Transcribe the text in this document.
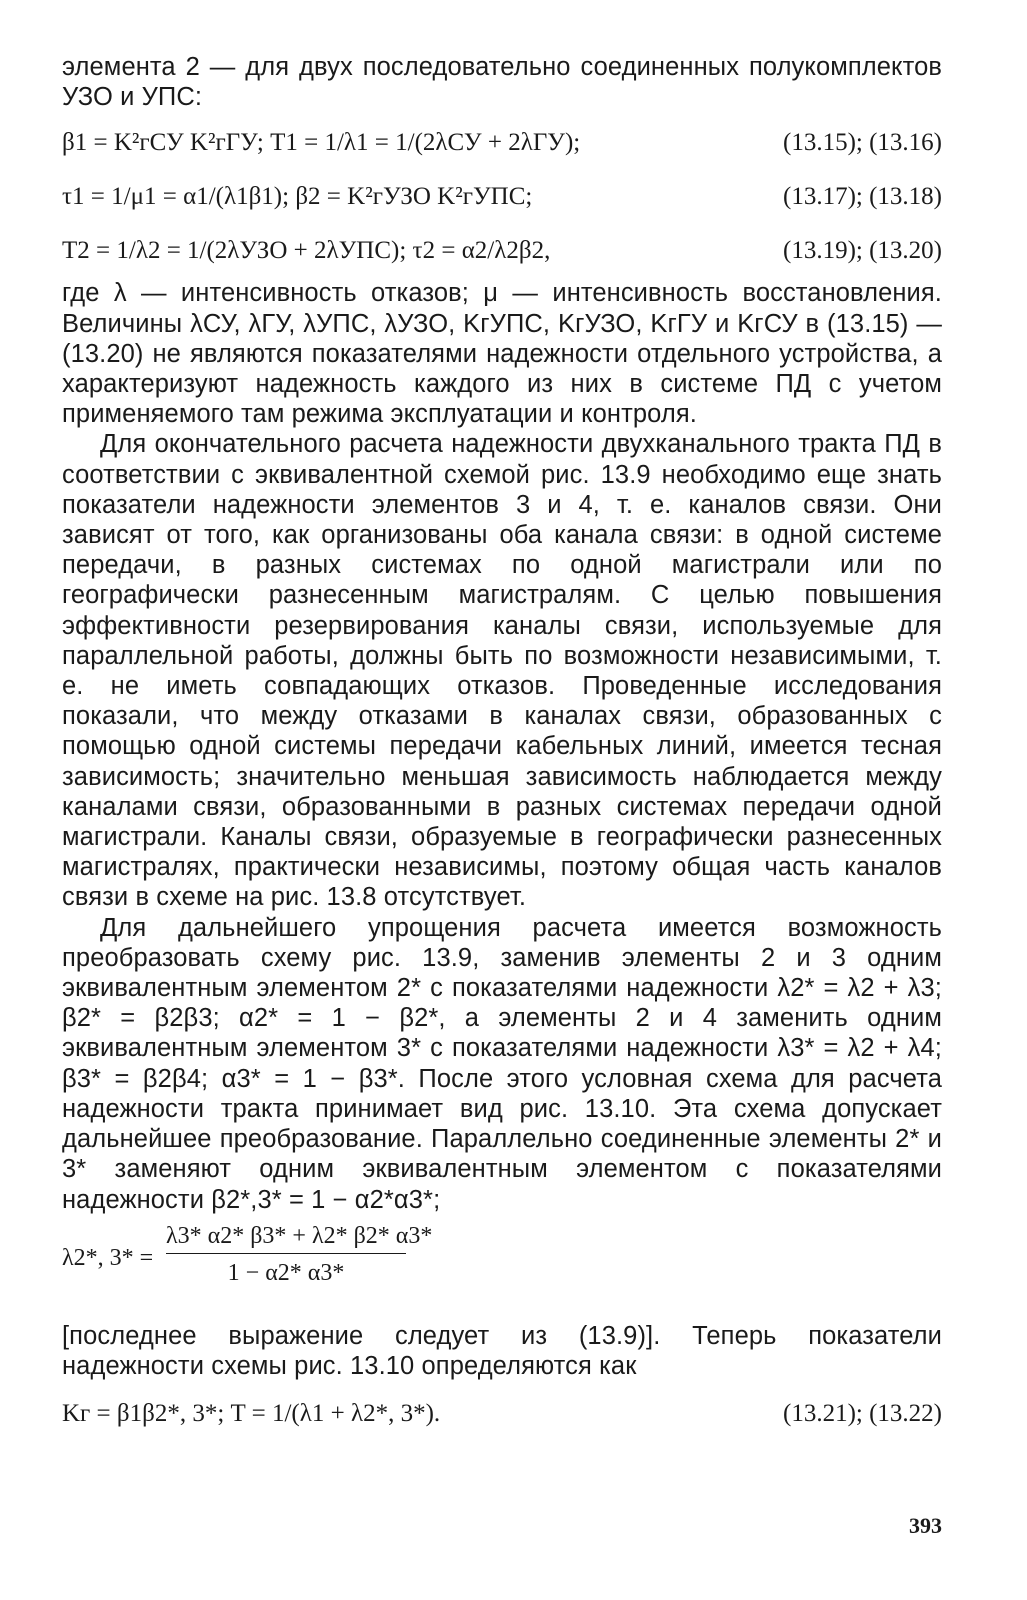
элемента 2 — для двух последовательно соединенных полукомплектов УЗО и УПС:

β1 = K²гСУ K²гГУ; T1 = 1/λ1 = 1/(2λСУ + 2λГУ);	(13.15); (13.16)
τ1 = 1/μ1 = α1/(λ1β1); β2 = K²гУЗО K²гУПС;	(13.17); (13.18)
T2 = 1/λ2 = 1/(2λУЗО + 2λУПС); τ2 = α2/λ2β2,	(13.19); (13.20)

где λ — интенсивность отказов; μ — интенсивность восстановления. Величины λСУ, λГУ, λУПС, λУЗО, KгУПС, KгУЗО, KгГУ и KгСУ в (13.15) — (13.20) не являются показателями надежности отдельного устройства, а характеризуют надежность каждого из них в системе ПД с учетом применяемого там режима эксплуатации и контроля.

Для окончательного расчета надежности двухканального тракта ПД в соответствии с эквивалентной схемой рис. 13.9 необходимо еще знать показатели надежности элементов 3 и 4, т. е. каналов связи. Они зависят от того, как организованы оба канала связи: в одной системе передачи, в разных системах по одной магистрали или по географически разнесенным магистралям. С целью повышения эффективности резервирования каналы связи, используемые для параллельной работы, должны быть по возможности независимыми, т. е. не иметь совпадающих отказов. Проведенные исследования показали, что между отказами в каналах связи, образованных с помощью одной системы передачи кабельных линий, имеется тесная зависимость; значительно меньшая зависимость наблюдается между каналами связи, образованными в разных системах передачи одной магистрали. Каналы связи, образуемые в географически разнесенных магистралях, практически независимы, поэтому общая часть каналов связи в схеме на рис. 13.8 отсутствует.

Для дальнейшего упрощения расчета имеется возможность преобразовать схему рис. 13.9, заменив элементы 2 и 3 одним эквивалентным элементом 2* с показателями надежности λ2* = λ2 + λ3; β2* = β2β3; α2* = 1 − β2*, а элементы 2 и 4 заменить одним эквивалентным элементом 3* с показателями надежности λ3* = λ2 + λ4; β3* = β2β4; α3* = 1 − β3*. После этого условная схема для расчета надежности тракта принимает вид рис. 13.10. Эта схема допускает дальнейшее преобразование. Параллельно соединенные элементы 2* и 3* заменяют одним эквивалентным элементом с показателями надежности β2*,3* = 1 − α2*α3*;

λ2*, 3* =
λ3* α2* β3* + λ2* β2* α3*
1 − α2* α3*

[последнее выражение следует из (13.9)]. Теперь показатели надежности схемы рис. 13.10 определяются как

Kг = β1β2*, 3*; T = 1/(λ1 + λ2*, 3*).	(13.21); (13.22)
393
